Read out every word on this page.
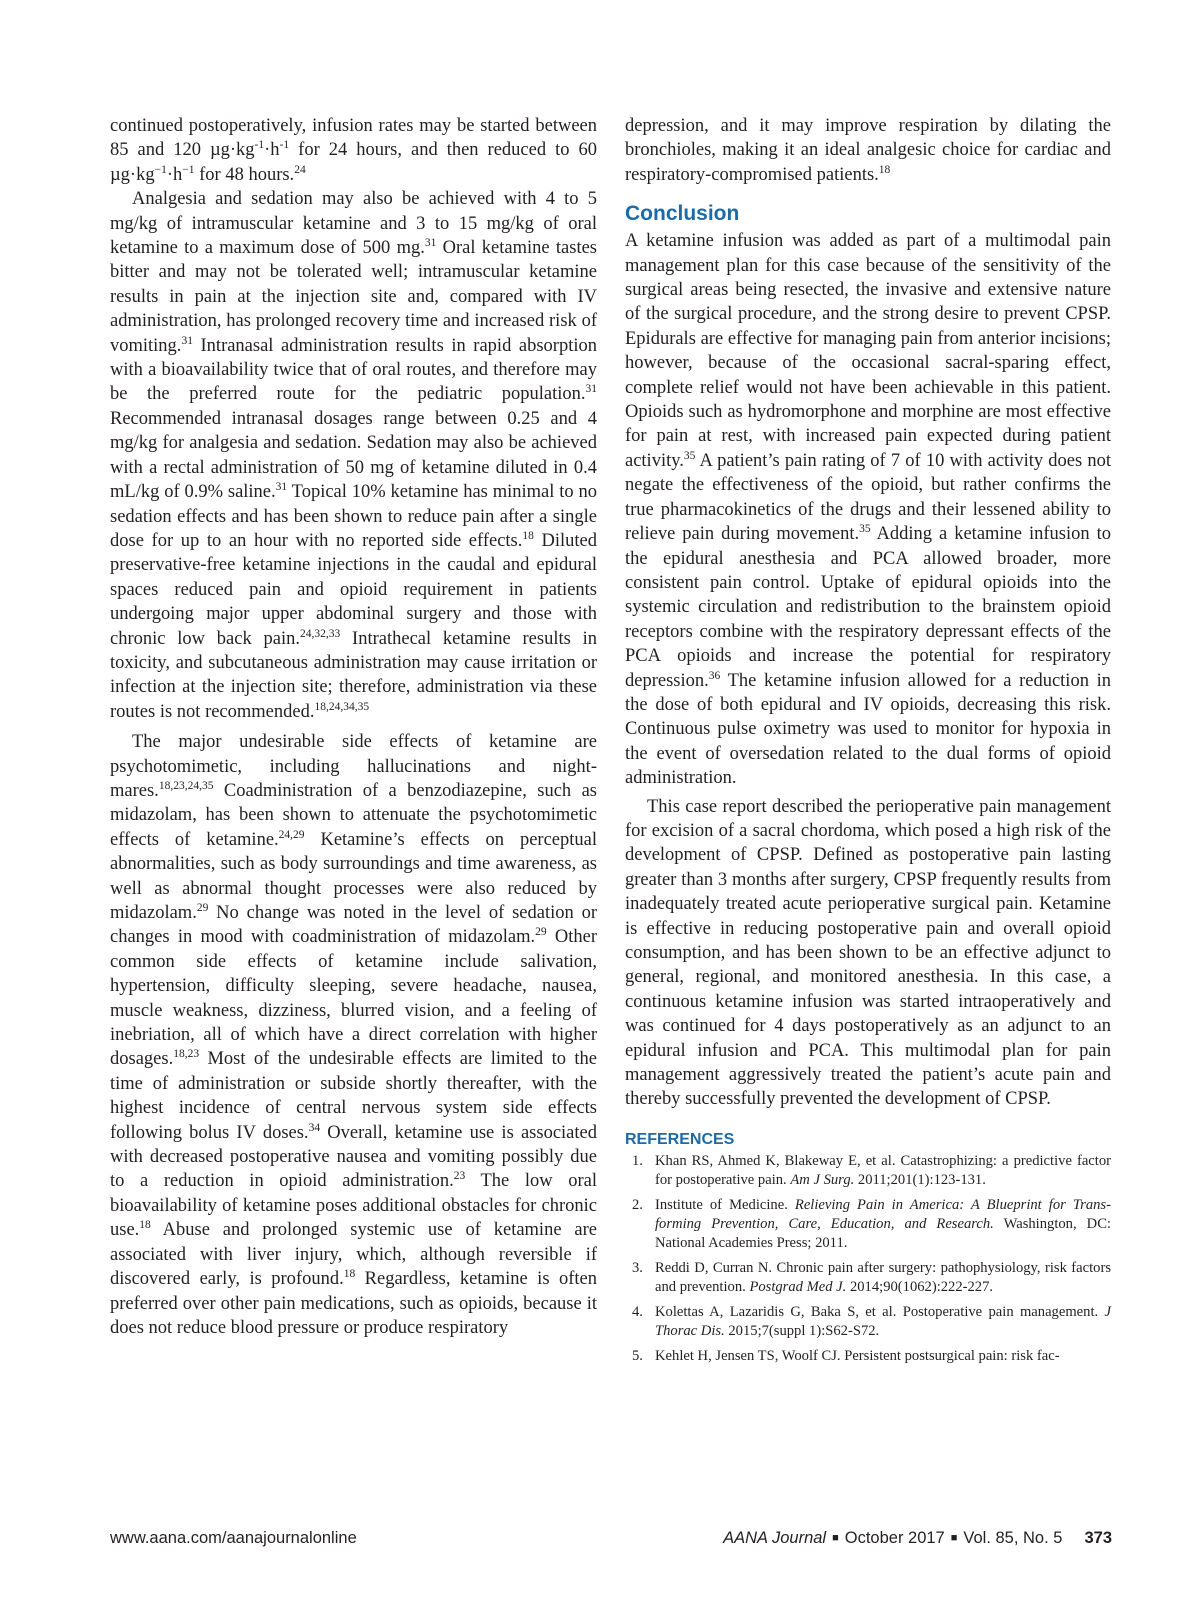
continued postoperatively, infusion rates may be started between 85 and 120 $\mu g\cdot kg^{-1}\cdot h^{-1}$ for 24 hours, and then reduced to 60 $\mu g\cdot kg^{-1}\cdot h^{-1}$ for 48 hours.$^{24}$

Analgesia and sedation may also be achieved with 4 to 5 mg/kg of intramuscular ketamine and 3 to 15 mg/kg of oral ketamine to a maximum dose of 500 mg.$^{31}$ Oral ketamine tastes bitter and may not be tolerated well; intramuscular ketamine results in pain at the injection site and, compared with IV administration, has prolonged recovery time and increased risk of vomiting.$^{31}$ Intranasal administration results in rapid absorption with a bioavailability twice that of oral routes, and therefore may be the preferred route for the pediatric population.$^{31}$ Recommended intranasal dosages range between 0.25 and 4 mg/kg for analgesia and sedation. Sedation may also be achieved with a rectal administration of 50 mg of ketamine diluted in 0.4 mL/kg of 0.9% saline.$^{31}$ Topical 10% ketamine has minimal to no sedation effects and has been shown to reduce pain after a single dose for up to an hour with no reported side effects.$^{18}$ Diluted preservative-free ketamine injections in the caudal and epidural spaces reduced pain and opioid requirement in patients undergoing major upper abdominal surgery and those with chronic low back pain.$^{24,32,33}$ Intrathecal ketamine results in toxicity, and subcutaneous administration may cause irritation or infection at the injection site; therefore, administration via these routes is not recommended.$^{18,24,34,35}$

The major undesirable side effects of ketamine are psychotomimetic, including hallucinations and nightmares.$^{18,23,24,35}$ Coadministration of a benzodiazepine, such as midazolam, has been shown to attenuate the psychotomimetic effects of ketamine.$^{24,29}$ Ketamine’s effects on perceptual abnormalities, such as body surroundings and time awareness, as well as abnormal thought processes were also reduced by midazolam.$^{29}$ No change was noted in the level of sedation or changes in mood with coadministration of midazolam.$^{29}$ Other common side effects of ketamine include salivation, hypertension, difficulty sleeping, severe headache, nausea, muscle weakness, dizziness, blurred vision, and a feeling of inebriation, all of which have a direct correlation with higher dosages.$^{18,23}$ Most of the undesirable effects are limited to the time of administration or subside shortly thereafter, with the highest incidence of central nervous system side effects following bolus IV doses.$^{34}$ Overall, ketamine use is associated with decreased postoperative nausea and vomiting possibly due to a reduction in opioid administration.$^{23}$ The low oral bioavailability of ketamine poses additional obstacles for chronic use.$^{18}$ Abuse and prolonged systemic use of ketamine are associated with liver injury, which, although reversible if discovered early, is profound.$^{18}$ Regardless, ketamine is often preferred over other pain medications, such as opioids, because it does not reduce blood pressure or produce respiratory

depression, and it may improve respiration by dilating the bronchioles, making it an ideal analgesic choice for cardiac and respiratory-compromised patients.$^{18}$

Conclusion

A ketamine infusion was added as part of a multimodal pain management plan for this case because of the sensitivity of the surgical areas being resected, the invasive and extensive nature of the surgical procedure, and the strong desire to prevent CPSP. Epidurals are effective for managing pain from anterior incisions; however, because of the occasional sacral-sparing effect, complete relief would not have been achievable in this patient. Opioids such as hydromorphone and morphine are most effective for pain at rest, with increased pain expected during patient activity.$^{35}$ A patient’s pain rating of 7 of 10 with activity does not negate the effectiveness of the opioid, but rather confirms the true pharmacokinetics of the drugs and their lessened ability to relieve pain during movement.$^{35}$ Adding a ketamine infusion to the epidural anesthesia and PCA allowed broader, more consistent pain control. Uptake of epidural opioids into the systemic circulation and redistribution to the brainstem opioid receptors combine with the respiratory depressant effects of the PCA opioids and increase the potential for respiratory depression.$^{36}$ The ketamine infusion allowed for a reduction in the dose of both epidural and IV opioids, decreasing this risk. Continuous pulse oximetry was used to monitor for hypoxia in the event of oversedation related to the dual forms of opioid administration.

This case report described the perioperative pain management for excision of a sacral chordoma, which posed a high risk of the development of CPSP. Defined as postoperative pain lasting greater than 3 months after surgery, CPSP frequently results from inadequately treated acute perioperative surgical pain. Ketamine is effective in reducing postoperative pain and overall opioid consumption, and has been shown to be an effective adjunct to general, regional, and monitored anesthesia. In this case, a continuous ketamine infusion was started intraoperatively and was continued for 4 days postoperatively as an adjunct to an epidural infusion and PCA. This multimodal plan for pain management aggressively treated the patient’s acute pain and thereby successfully prevented the development of CPSP.

REFERENCES
1. Khan RS, Ahmed K, Blakeway E, et al. Catastrophizing: a predictive factor for postoperative pain. Am J Surg. 2011;201(1):123-131.
2. Institute of Medicine. Relieving Pain in America: A Blueprint for Transforming Prevention, Care, Education, and Research. Washington, DC: National Academies Press; 2011.
3. Reddi D, Curran N. Chronic pain after surgery: pathophysiology, risk factors and prevention. Postgrad Med J. 2014;90(1062):222-227.
4. Kolettas A, Lazaridis G, Baka S, et al. Postoperative pain management. J Thorac Dis. 2015;7(suppl 1):S62-S72.
5. Kehlet H, Jensen TS, Woolf CJ. Persistent postsurgical pain: risk fac-
www.aana.com/aanajournalonline	AANA Journal ■ October 2017 ■ Vol. 85, No. 5 373
